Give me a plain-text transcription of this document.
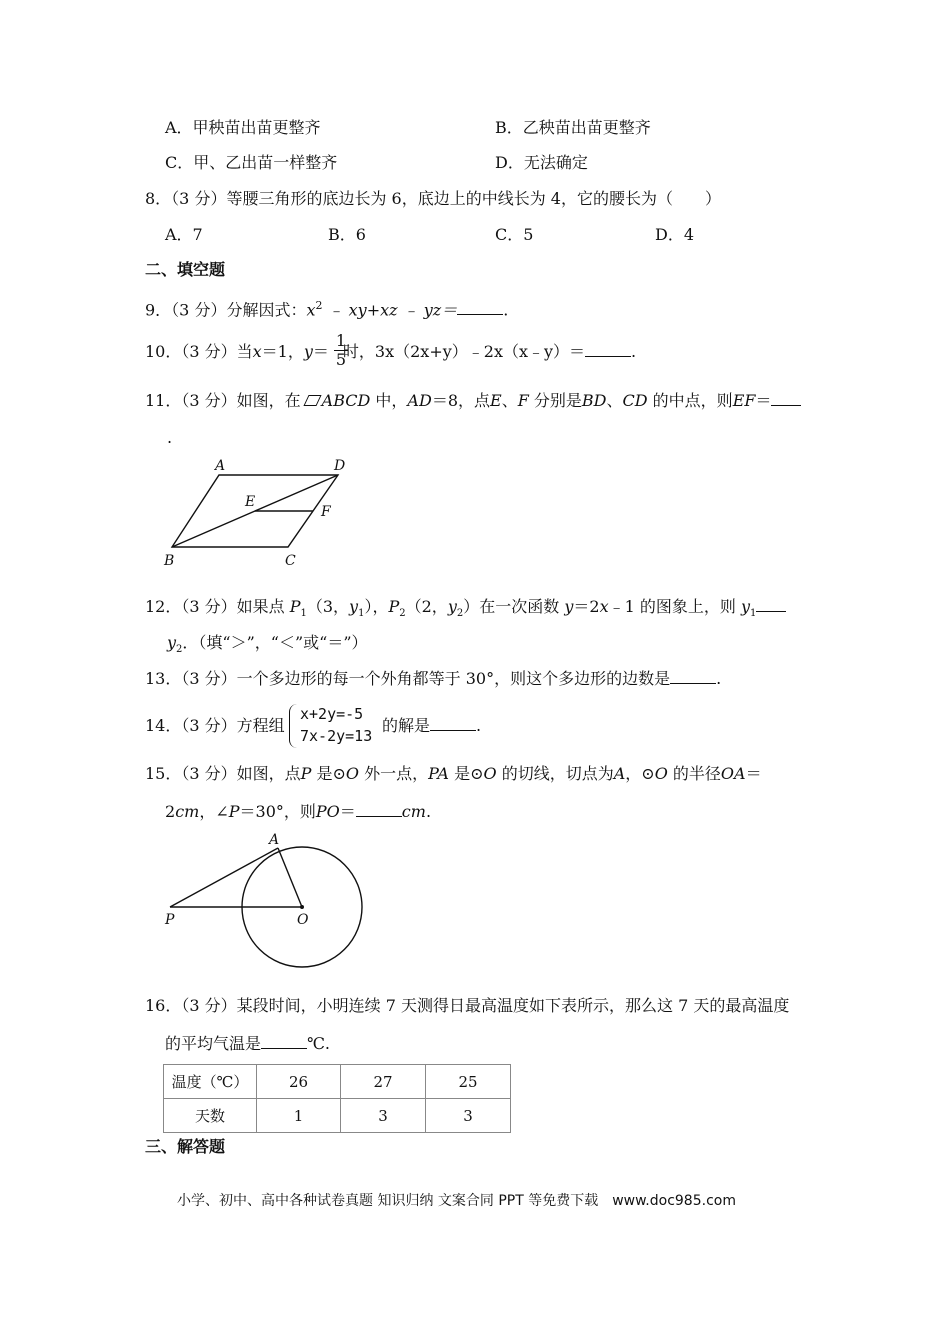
A．甲秧苗出苗更整齐	B．乙秧苗出苗更整齐
C．甲、乙出苗一样整齐	D．无法确定
8．（3 分）等腰三角形的底边长为 6，底边上的中线长为 4，它的腰长为（　　）
A．7	B．6	C．5	D．4
二、填空题
9．（3 分）分解因式：$x^2$ ﹣ xy+xz ﹣ yz＝	.
10．（3 分）当x＝1，y＝ 时，3x（2x+y）﹣2x（x﹣y）＝	.
$\frac{1}{5}$
11．（3 分）如图，在 ABCD 中，AD＝8，点E、F 分别是BD、CD 的中点，则EF＝
.
A	D
E
F
B	C
12．（3 分）如果点 $P_1(3$，$y_1$），$P_2(2$，$y_2$）在一次函数 y＝2x﹣1 的图象上，则 $y_1$
$y_2$．（填“＞”，“＜”或“＝”）
13．（3 分）一个多边形的每一个外角都等于 30°，则这个多边形的边数是	.
14．（3 分）方程组
x+2y=-5
7x-2y=13
的解是	.
15．（3 分）如图，点P 是⊙O 外一点，PA 是⊙O 的切线，切点为A，⊙O 的半径OA＝
2cm，∠P＝30°，则PO＝	cm.
A
P	O
16．（3 分）某段时间，小明连续 7 天测得日最高温度如下表所示，那么这 7 天的最高温度
的平均气温是	℃.
温度（℃）	26	27	25
天数	1	3	3
三、解答题
小学、初中、高中各种试卷真题 知识归纳 文案合同 PPT 等免费下载　www.doc985.com
